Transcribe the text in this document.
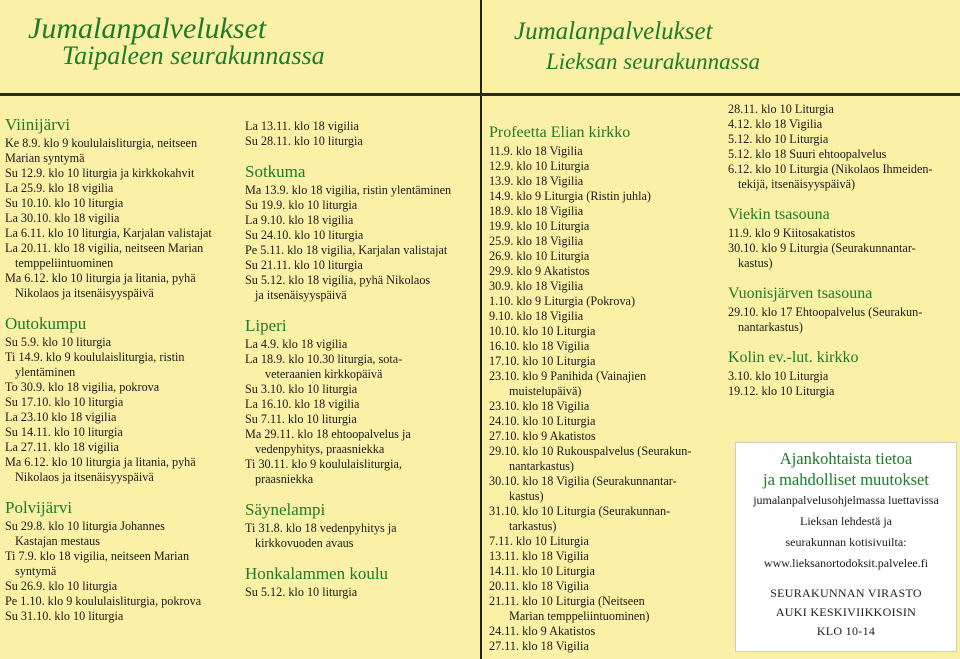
Jumalanpalvelukset
Taipaleen seurakunnassa
Jumalanpalvelukset
Lieksan seurakunnassa
Viinijärvi
Ke 8.9. klo 9 koululaisliturgia, neitseen
Marian syntymä
Su 12.9. klo 10 liturgia ja kirkkokahvit
La 25.9. klo 18 vigilia
Su 10.10. klo 10 liturgia
La 30.10. klo 18 vigilia
La 6.11. klo 10 liturgia, Karjalan valistajat
La 20.11. klo 18 vigilia, neitseen Marian
temppeliintuominen
Ma 6.12. klo 10 liturgia ja litania, pyhä
Nikolaos ja itsenäisyyspäivä
Outokumpu
Su 5.9. klo 10 liturgia
Ti 14.9. klo 9 koululaisliturgia, ristin
ylentäminen
To 30.9. klo 18 vigilia, pokrova
Su 17.10. klo 10 liturgia
La 23.10 klo 18 vigilia
Su 14.11. klo 10 liturgia
La 27.11. klo 18 vigilia
Ma 6.12. klo 10 liturgia ja litania, pyhä
Nikolaos ja itsenäisyyspäivä
Polvijärvi
Su 29.8. klo 10 liturgia Johannes
Kastajan mestaus
Ti 7.9. klo 18 vigilia, neitseen Marian
syntymä
Su 26.9. klo 10 liturgia
Pe 1.10. klo 9 koululaisliturgia, pokrova
Su 31.10. klo 10 liturgia
La 13.11. klo 18 vigilia
Su 28.11. klo 10 liturgia
Sotkuma
Ma 13.9. klo 18 vigilia, ristin ylentäminen
Su 19.9. klo 10 liturgia
La 9.10. klo 18 vigilia
Su 24.10. klo 10 liturgia
Pe 5.11. klo 18 vigilia, Karjalan valistajat
Su 21.11. klo 10 liturgia
Su 5.12. klo 18 vigilia, pyhä Nikolaos
ja itsenäisyyspäivä
Liperi
La 4.9. klo 18 vigilia
La 18.9. klo 10.30 liturgia, sota-
veteraanien kirkkopäivä
Su 3.10. klo 10 liturgia
La 16.10. klo 18 vigilia
Su 7.11. klo 10 liturgia
Ma 29.11. klo 18 ehtoopalvelus ja
vedenpyhitys, praasniekka
Ti 30.11. klo 9 koululaisliturgia,
praasniekka
Säynelampi
Ti 31.8. klo 18 vedenpyhitys ja
kirkkovuoden avaus
Honkalammen koulu
Su 5.12. klo 10 liturgia
Profeetta Elian kirkko
11.9. klo 18 Vigilia
12.9. klo 10 Liturgia
13.9. klo 18 Vigilia
14.9. klo 9 Liturgia (Ristin juhla)
18.9. klo 18 Vigilia
19.9. klo 10 Liturgia
25.9. klo 18 Vigilia
26.9. klo 10 Liturgia
29.9. klo 9 Akatistos
30.9. klo 18 Vigilia
1.10. klo 9 Liturgia (Pokrova)
9.10. klo 18 Vigilia
10.10. klo 10 Liturgia
16.10. klo 18 Vigilia
17.10. klo 10 Liturgia
23.10. klo 9 Panihida (Vainajien
muistelupäivä)
23.10. klo 18 Vigilia
24.10. klo 10 Liturgia
27.10. klo 9 Akatistos
29.10. klo 10 Rukouspalvelus (Seurakun-
nantarkastus)
30.10. klo 18 Vigilia (Seurakunnantar-
kastus)
31.10. klo 10 Liturgia (Seurakunnan-
tarkastus)
7.11. klo 10 Liturgia
13.11. klo 18 Vigilia
14.11. klo 10 Liturgia
20.11. klo 18 Vigilia
21.11. klo 10 Liturgia (Neitseen
Marian temppeliintuominen)
24.11. klo 9 Akatistos
27.11. klo 18 Vigilia
28.11. klo 10 Liturgia
4.12. klo 18 Vigilia
5.12. klo 10 Liturgia
5.12. klo 18 Suuri ehtoopalvelus
6.12. klo 10 Liturgia (Nikolaos Ihmeiden-
tekijä, itsenäisyyspäivä)
Viekin tsasouna
11.9. klo 9 Kiitosakatistos
30.10. klo 9 Liturgia (Seurakunnantar-
kastus)
Vuonisjärven tsasouna
29.10. klo 17 Ehtoopalvelus (Seurakun-
nantarkastus)
Kolin ev.-lut. kirkko
3.10. klo 10 Liturgia
19.12. klo 10 Liturgia
Ajankohtaista tietoa
ja mahdolliset muutokset
jumalanpalvelusohjelmassa luettavissa
Lieksan lehdestä ja
seurakunnan kotisivuilta:
www.lieksanortodoksit.palvelee.fi
SEURAKUNNAN VIRASTO
AUKI KESKIVIIKKOISIN
KLO 10-14
